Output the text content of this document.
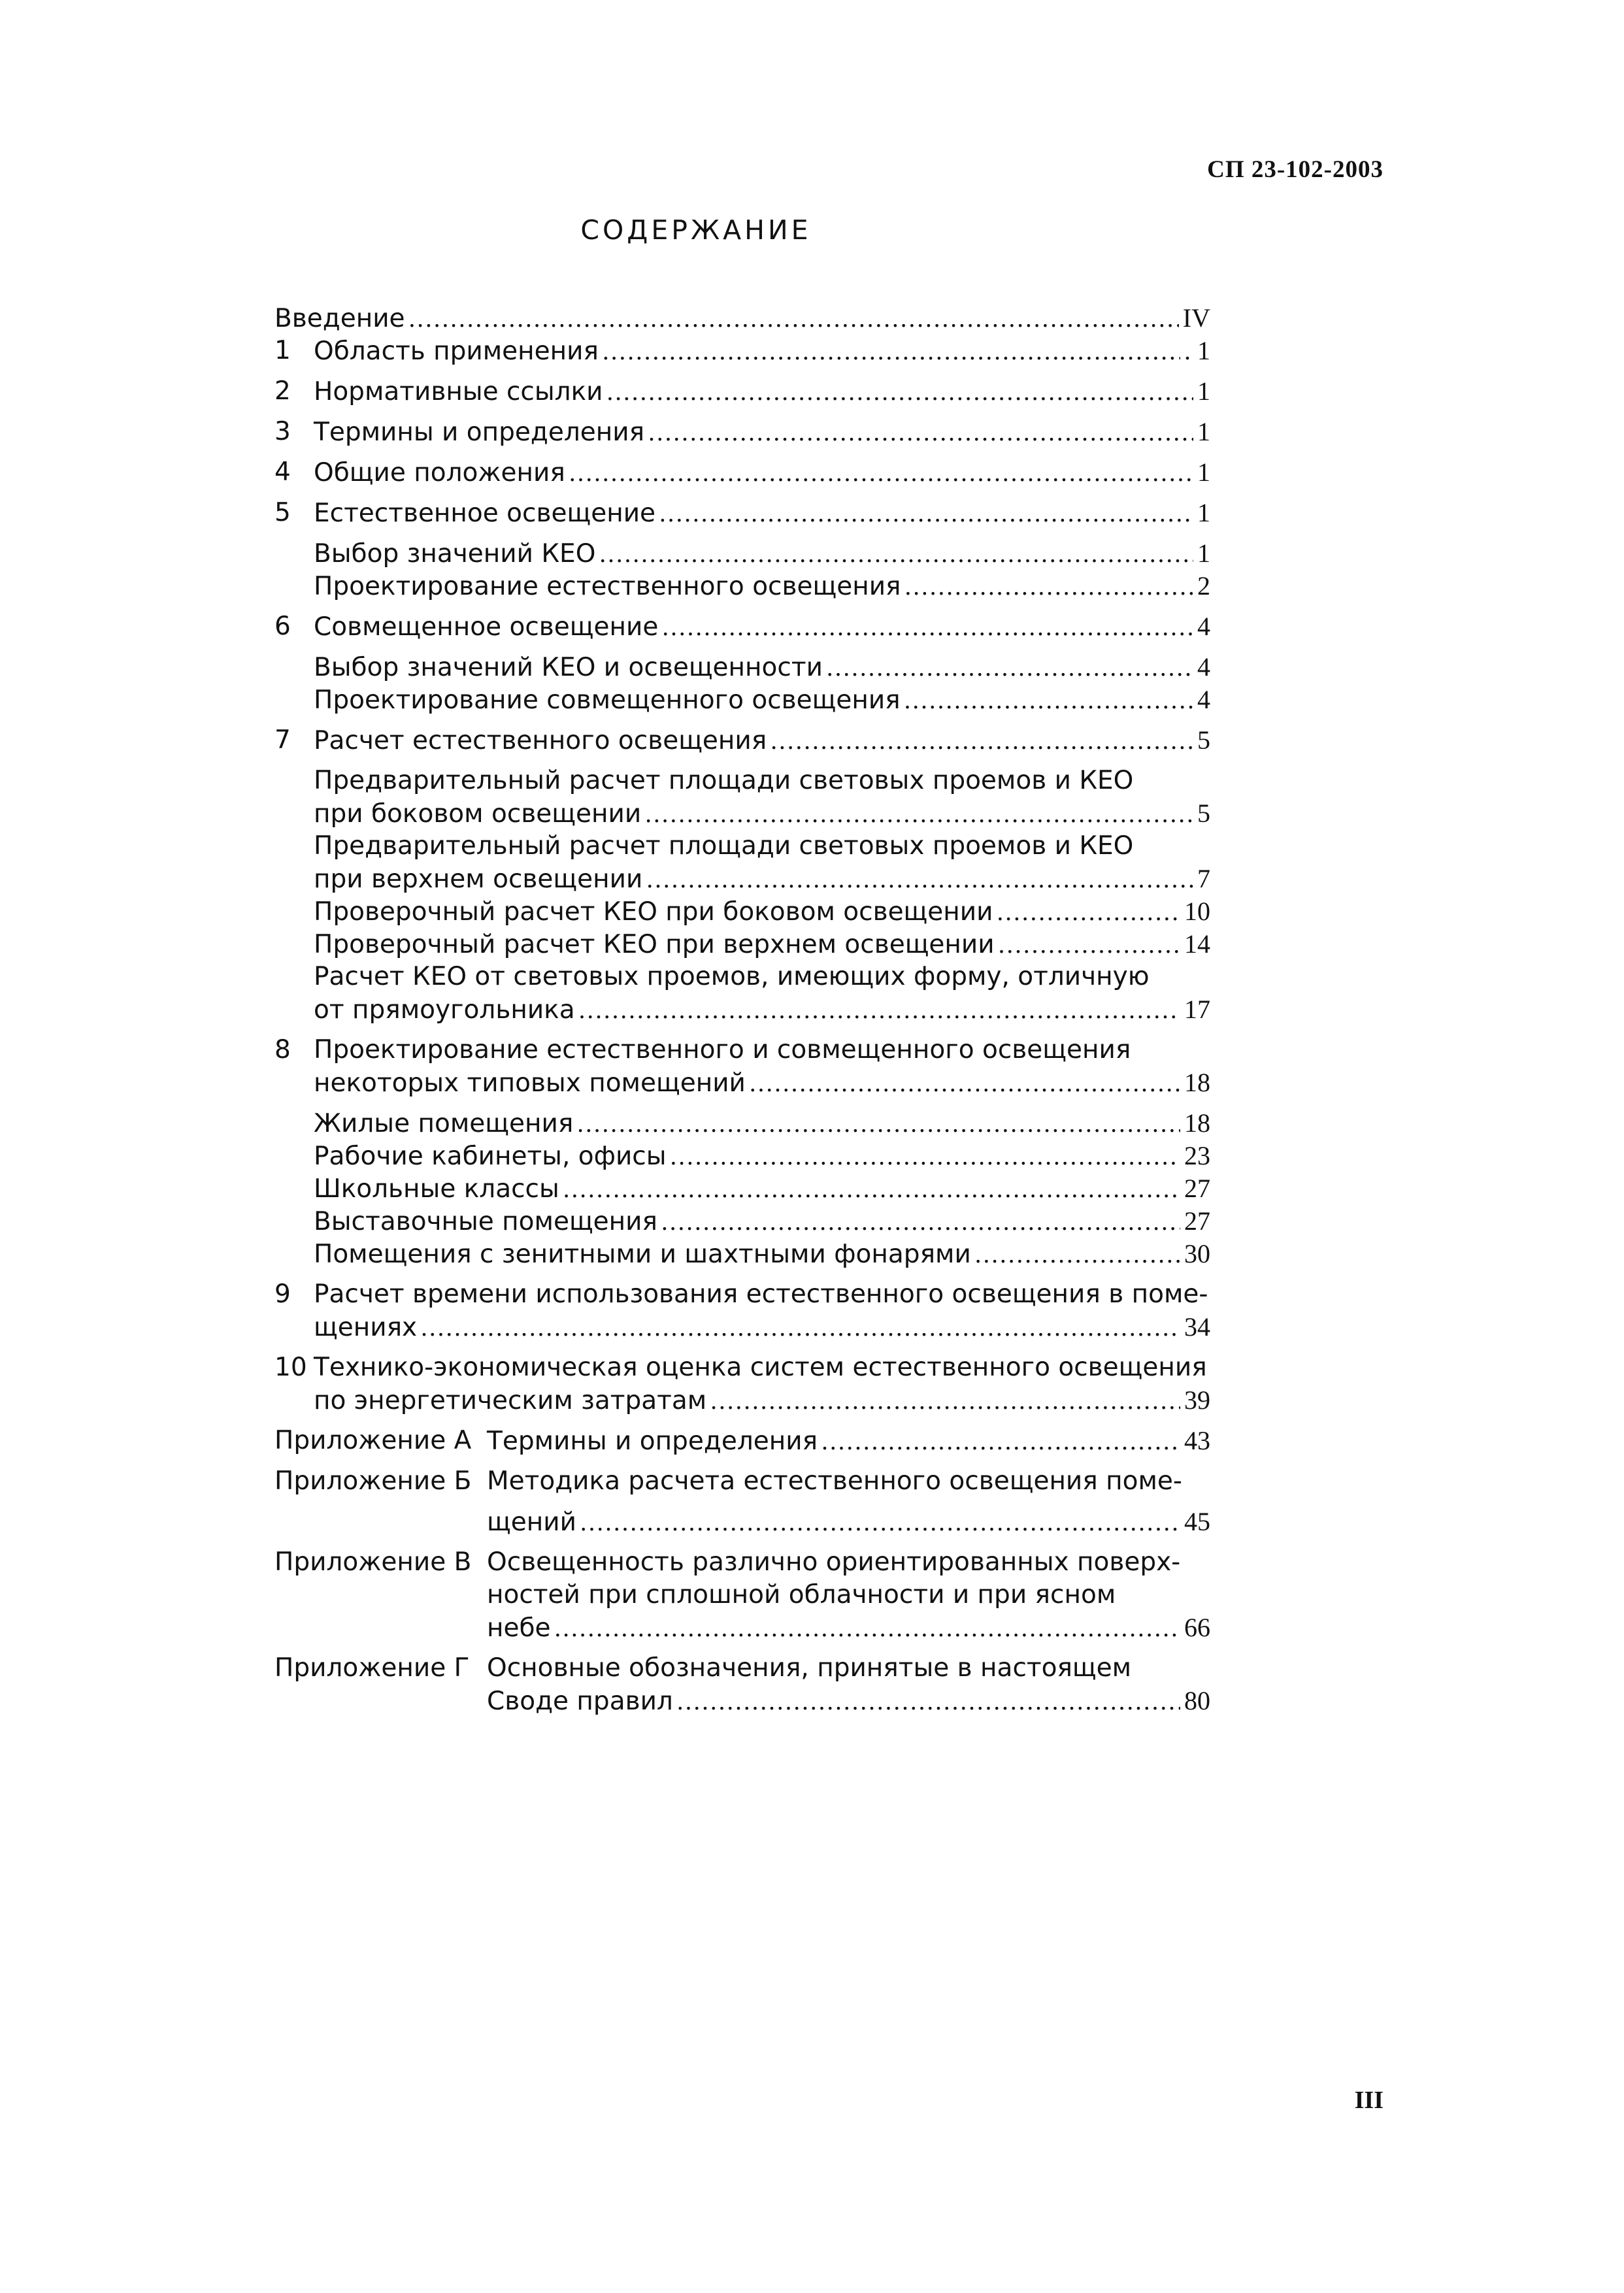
СП 23-102-2003
СОДЕРЖАНИЕ
Введение .....	IV
1 Область применения .....	. 1
2 Нормативные ссылки .....	1
3 Термины и определения .....	1
4 Общие положения .....	1
5 Естественное освещение .....	1
Выбор значений КЕО .....	1
Проектирование естественного освещения .....	2
6 Совмещенное освещение .....	4
Выбор значений КЕО и освещенности .....	4
Проектирование совмещенного освещения .....	4
7 Расчет естественного освещения .....	5
Предварительный расчет площади световых проемов и КЕО
при боковом освещении .....	5
Предварительный расчет площади световых проемов и КЕО
при верхнем освещении .....	7
Проверочный расчет КЕО при боковом освещении .....	10
Проверочный расчет КЕО при верхнем освещении .....	14
Расчет КЕО от световых проемов, имеющих форму, отличную
от прямоугольника .....	17
8 Проектирование естественного и совмещенного освещения
некоторых типовых помещений .....	18
Жилые помещения .....	18
Рабочие кабинеты, офисы .....	23
Школьные классы .....	27
Выставочные помещения .....	27
Помещения с зенитными и шахтными фонарями .....	30
9 Расчет времени использования естественного освещения в поме-
щениях .....	34
10 Технико-экономическая оценка систем естественного освещения
по энергетическим затратам .....	39
Приложение А Термины и определения .....	43
Приложение Б Методика расчета естественного освещения поме-
щений .....	45
Приложение В Освещенность различно ориентированных поверх-
ностей при сплошной облачности и при ясном
небе .....	66
Приложение Г Основные обозначения, принятые в настоящем
Своде правил .....	80
III
